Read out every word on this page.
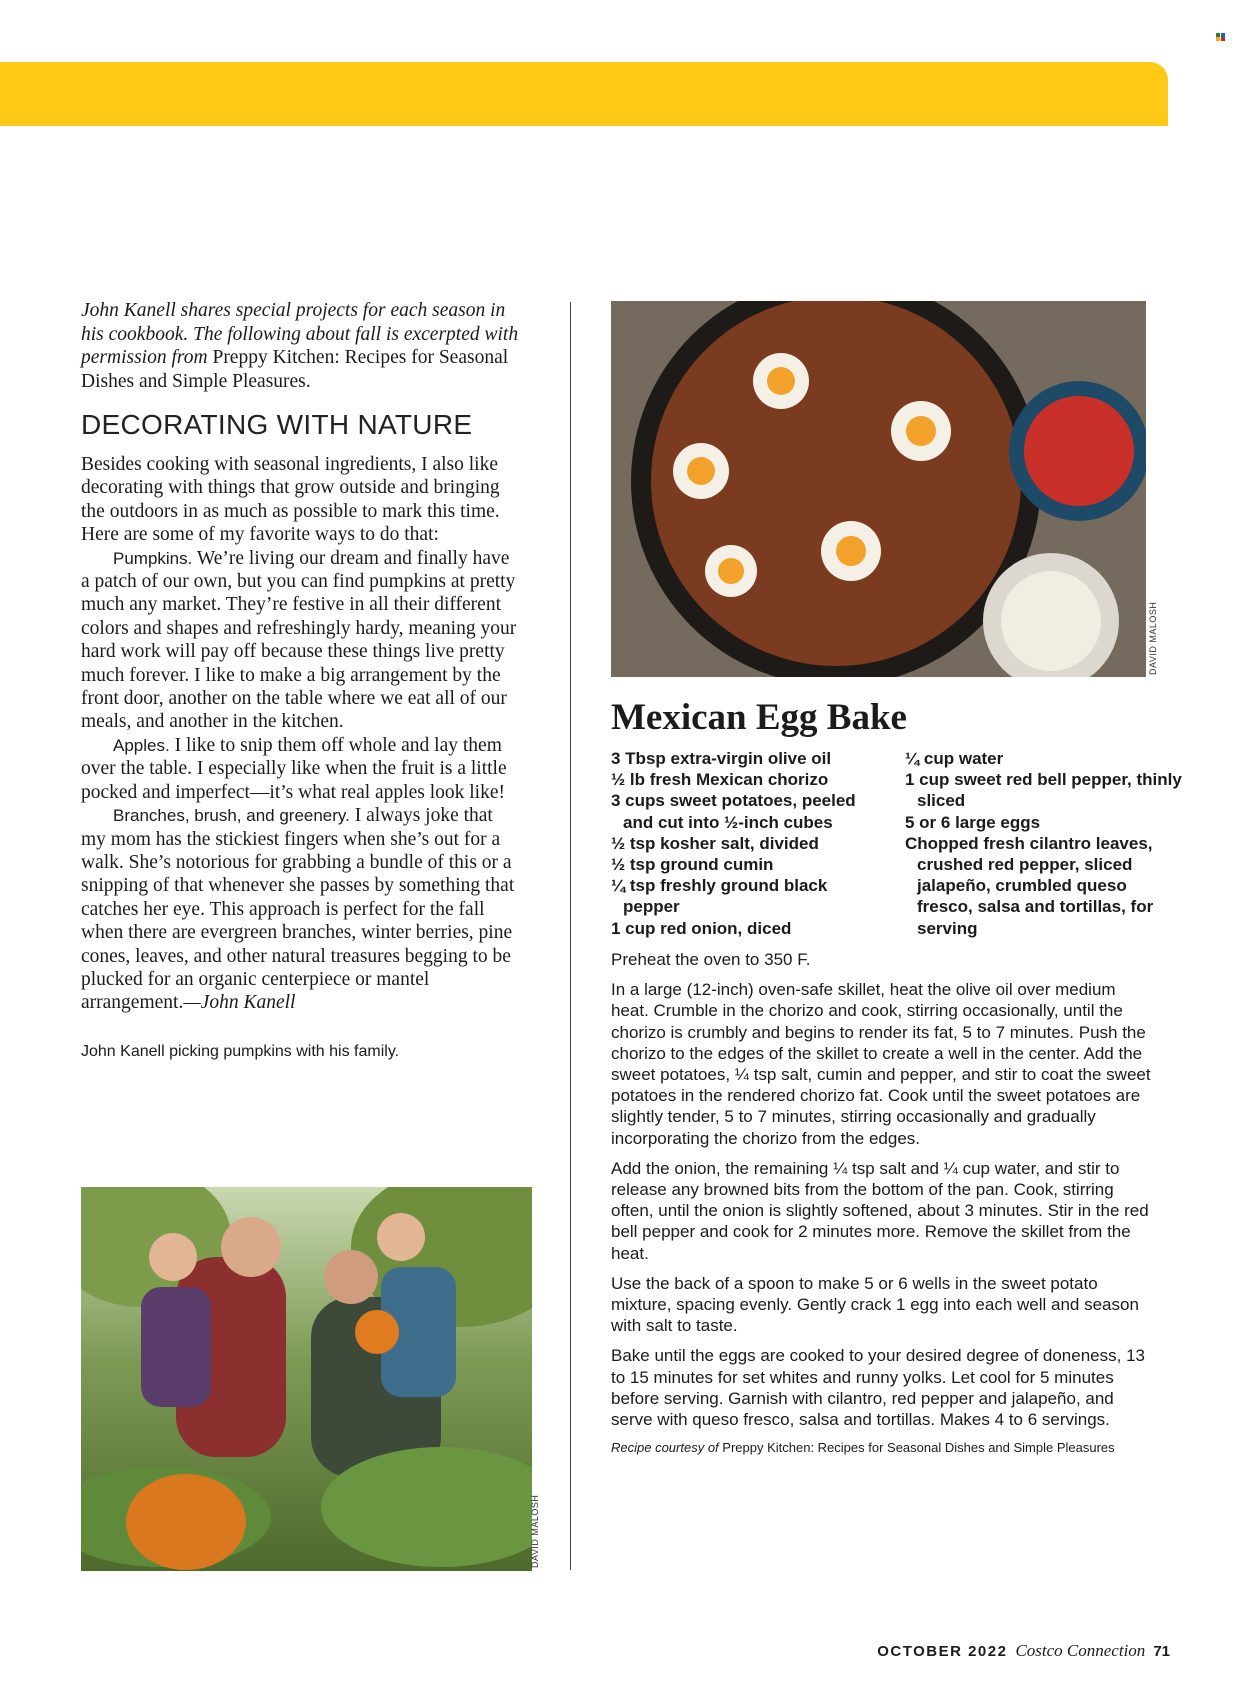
John Kanell shares special projects for each season in his cookbook. The following about fall is excerpted with permission from Preppy Kitchen: Recipes for Seasonal Dishes and Simple Pleasures.

DECORATING WITH NATURE

Besides cooking with seasonal ingredients, I also like decorating with things that grow outside and bringing the outdoors in as much as possible to mark this time. Here are some of my favorite ways to do that:

Pumpkins. We’re living our dream and finally have a patch of our own, but you can find pumpkins at pretty much any market. They’re festive in all their different colors and shapes and refreshingly hardy, meaning your hard work will pay off because these things live pretty much forever. I like to make a big arrangement by the front door, another on the table where we eat all of our meals, and another in the kitchen.

Apples. I like to snip them off whole and lay them over the table. I especially like when the fruit is a little pocked and imperfect—it’s what real apples look like!

Branches, brush, and greenery. I always joke that my mom has the stickiest fingers when she’s out for a walk. She’s notorious for grabbing a bundle of this or a snipping of that whenever she passes by something that catches her eye. This approach is perfect for the fall when there are evergreen branches, winter berries, pine cones, leaves, and other natural treasures begging to be plucked for an organic centerpiece or mantel arrangement.—John Kanell

John Kanell picking pumpkins with his family.

DAVID MALOSH
DAVID MALOSH
Mexican Egg Bake
3 Tbsp extra-virgin olive oil
½ lb fresh Mexican chorizo
3 cups sweet potatoes, peeled and cut into ½-inch cubes
½ tsp kosher salt, divided
½ tsp ground cumin
¼ tsp freshly ground black pepper
1 cup red onion, diced
¼ cup water
1 cup sweet red bell pepper, thinly sliced
5 or 6 large eggs
Chopped fresh cilantro leaves, crushed red pepper, sliced jalapeño, crumbled queso fresco, salsa and tortillas, for serving

Preheat the oven to 350 F.

In a large (12-inch) oven-safe skillet, heat the olive oil over medium heat. Crumble in the chorizo and cook, stirring occasionally, until the chorizo is crumbly and begins to render its fat, 5 to 7 minutes. Push the chorizo to the edges of the skillet to create a well in the center. Add the sweet potatoes, ¼ tsp salt, cumin and pepper, and stir to coat the sweet potatoes in the rendered chorizo fat. Cook until the sweet potatoes are slightly tender, 5 to 7 minutes, stirring occasionally and gradually incorporating the chorizo from the edges.

Add the onion, the remaining ¼ tsp salt and ¼ cup water, and stir to release any browned bits from the bottom of the pan. Cook, stirring often, until the onion is slightly softened, about 3 minutes. Stir in the red bell pepper and cook for 2 minutes more. Remove the skillet from the heat.

Use the back of a spoon to make 5 or 6 wells in the sweet potato mixture, spacing evenly. Gently crack 1 egg into each well and season with salt to taste.

Bake until the eggs are cooked to your desired degree of doneness, 13 to 15 minutes for set whites and runny yolks. Let cool for 5 minutes before serving. Garnish with cilantro, red pepper and jalapeño, and serve with queso fresco, salsa and tortillas. Makes 4 to 6 servings.

Recipe courtesy of Preppy Kitchen: Recipes for Seasonal Dishes and Simple Pleasures
OCTOBER 2022 Costco Connection 71
